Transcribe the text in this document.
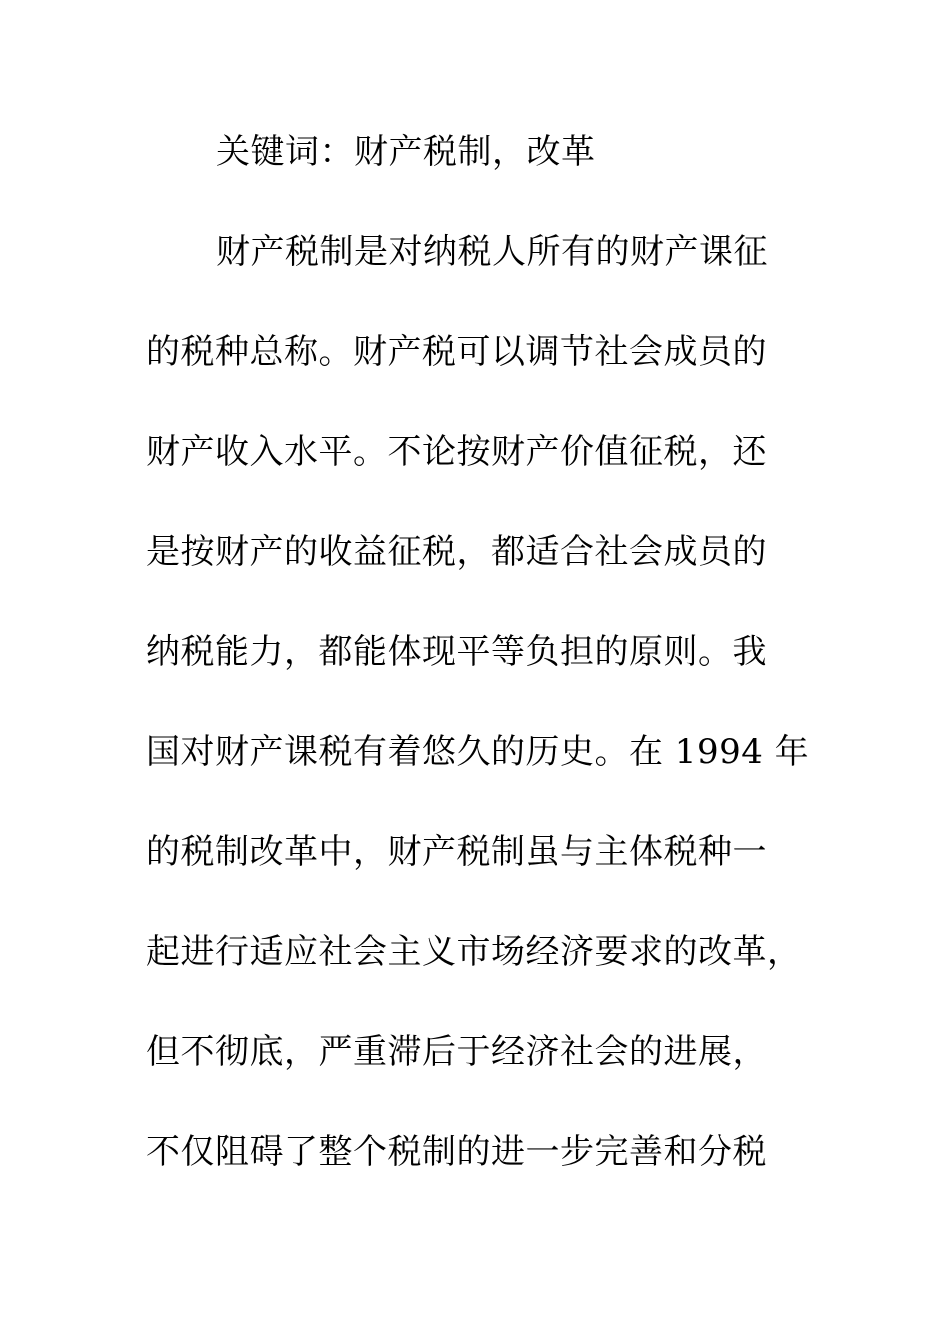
关键词：财产税制，改革
财产税制是对纳税人所有的财产课征
的税种总称。财产税可以调节社会成员的
财产收入水平。不论按财产价值征税，还
是按财产的收益征税，都适合社会成员的
纳税能力，都能体现平等负担的原则。我
国对财产课税有着悠久的历史。在 1994 年
的税制改革中，财产税制虽与主体税种一
起进行适应社会主义市场经济要求的改革，
但不彻底，严重滞后于经济社会的进展，
不仅阻碍了整个税制的进一步完善和分税
